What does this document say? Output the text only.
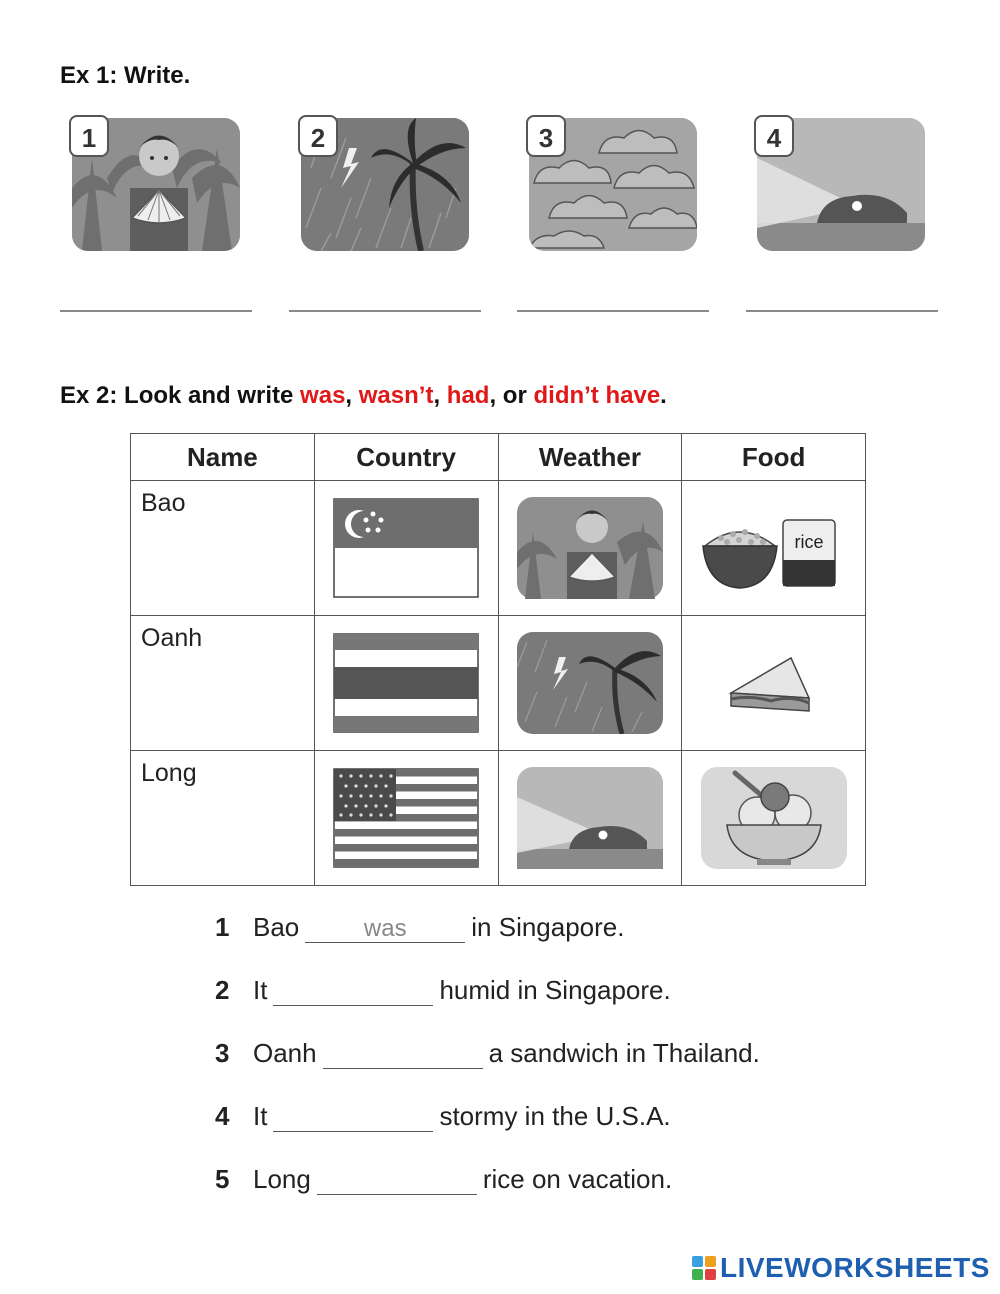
Ex 1: Write.
1	2	3	4
Ex 2: Look and write was, wasn’t, had, or didn’t have.
Name	Country	Weather	Food

Bao			rice

Oanh

Long

1 Baowas	in Singapore.
2 It	humid in Singapore.
3 Oanh	a sandwich in Thailand.
4 It	stormy in the U.S.A.
5 Long	rice on vacation.
LIVEWORKSHEETS
